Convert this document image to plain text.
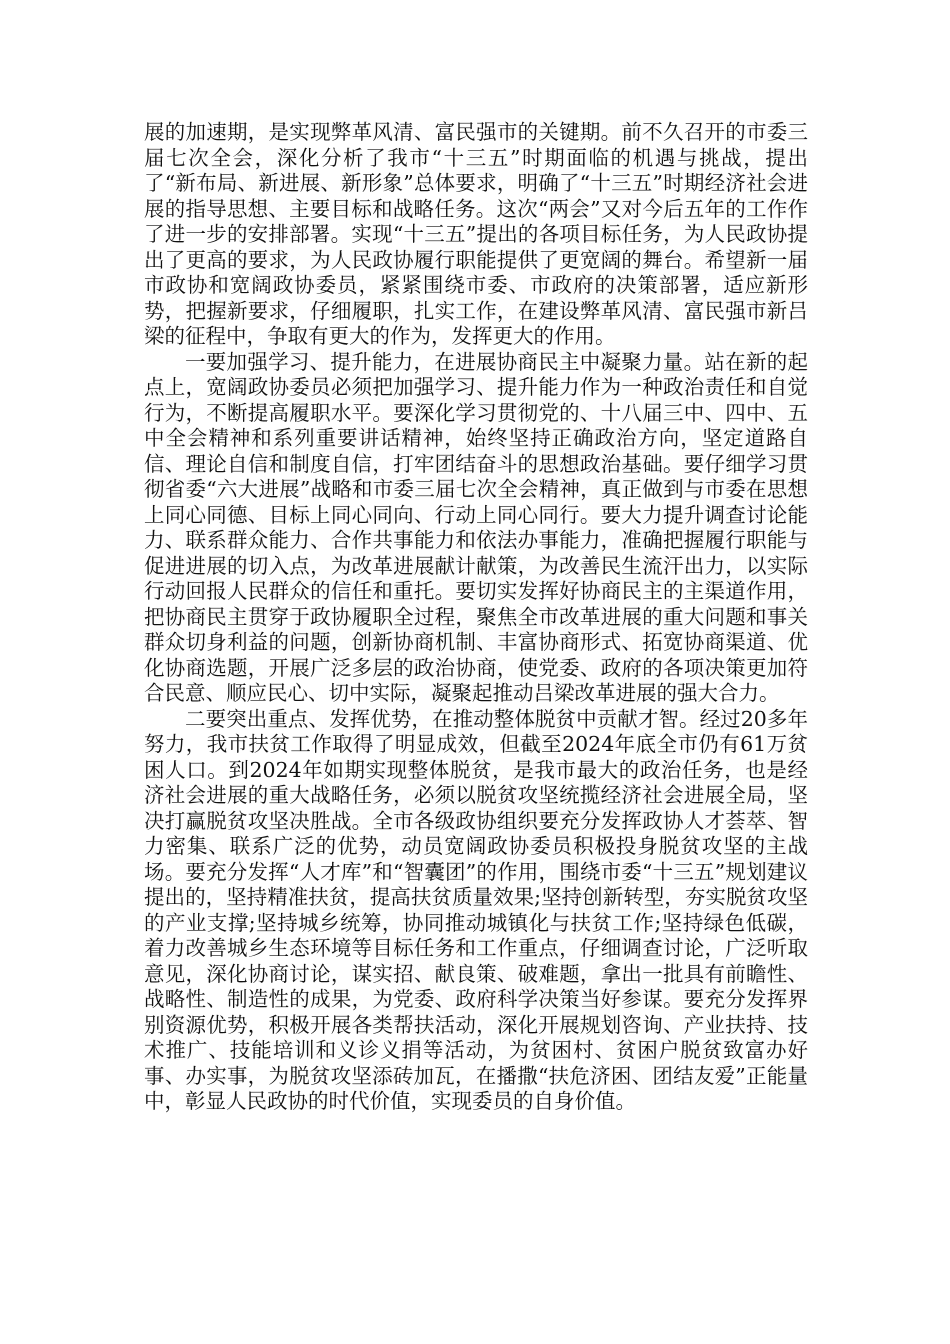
展的加速期，是实现弊革风清、富民强市的关键期。前不久召开的市委三届七次全会，深化分析了我市“十三五”时期面临的机遇与挑战，提出了“新布局、新进展、新形象”总体要求，明确了“十三五”时期经济社会进展的指导思想、主要目标和战略任务。这次“两会”又对今后五年的工作作了进一步的安排部署。实现“十三五”提出的各项目标任务，为人民政协提出了更高的要求，为人民政协履行职能提供了更宽阔的舞台。希望新一届市政协和宽阔政协委员，紧紧围绕市委、市政府的决策部署，适应新形势，把握新要求，仔细履职，扎实工作，在建设弊革风清、富民强市新吕梁的征程中，争取有更大的作为，发挥更大的作用。

一要加强学习、提升能力，在进展协商民主中凝聚力量。站在新的起点上，宽阔政协委员必须把加强学习、提升能力作为一种政治责任和自觉行为，不断提高履职水平。要深化学习贯彻党的、十八届三中、四中、五中全会精神和系列重要讲话精神，始终坚持正确政治方向，坚定道路自信、理论自信和制度自信，打牢团结奋斗的思想政治基础。要仔细学习贯彻省委“六大进展”战略和市委三届七次全会精神，真正做到与市委在思想上同心同德、目标上同心同向、行动上同心同行。要大力提升调查讨论能力、联系群众能力、合作共事能力和依法办事能力，准确把握履行职能与促进进展的切入点，为改革进展献计献策，为改善民生流汗出力，以实际行动回报人民群众的信任和重托。要切实发挥好协商民主的主渠道作用，把协商民主贯穿于政协履职全过程，聚焦全市改革进展的重大问题和事关群众切身利益的问题，创新协商机制、丰富协商形式、拓宽协商渠道、优化协商选题，开展广泛多层的政治协商，使党委、政府的各项决策更加符合民意、顺应民心、切中实际，凝聚起推动吕梁改革进展的强大合力。

二要突出重点、发挥优势，在推动整体脱贫中贡献才智。经过20多年努力，我市扶贫工作取得了明显成效，但截至2024年底全市仍有61万贫困人口。到2024年如期实现整体脱贫，是我市最大的政治任务，也是经济社会进展的重大战略任务，必须以脱贫攻坚统揽经济社会进展全局，坚决打赢脱贫攻坚决胜战。全市各级政协组织要充分发挥政协人才荟萃、智力密集、联系广泛的优势，动员宽阔政协委员积极投身脱贫攻坚的主战场。要充分发挥“人才库”和“智囊团”的作用，围绕市委“十三五”规划建议提出的，坚持精准扶贫，提高扶贫质量效果;坚持创新转型，夯实脱贫攻坚的产业支撑;坚持城乡统筹，协同推动城镇化与扶贫工作;坚持绿色低碳，着力改善城乡生态环境等目标任务和工作重点，仔细调查讨论，广泛听取意见，深化协商讨论，谋实招、献良策、破难题，拿出一批具有前瞻性、战略性、制造性的成果，为党委、政府科学决策当好参谋。要充分发挥界别资源优势，积极开展各类帮扶活动，深化开展规划咨询、产业扶持、技术推广、技能培训和义诊义捐等活动，为贫困村、贫困户脱贫致富办好事、办实事，为脱贫攻坚添砖加瓦，在播撒“扶危济困、团结友爱”正能量中，彰显人民政协的时代价值，实现委员的自身价值。
